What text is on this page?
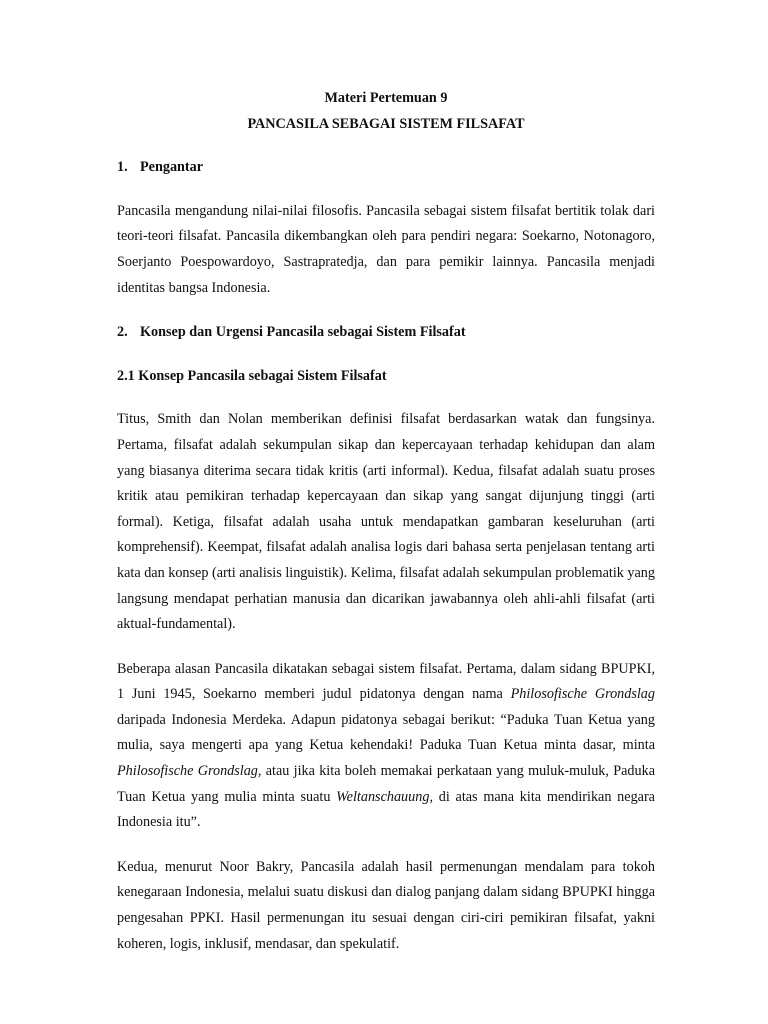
Materi Pertemuan 9

PANCASILA SEBAGAI SISTEM FILSAFAT

1. Pengantar

Pancasila mengandung nilai-nilai filosofis. Pancasila sebagai sistem filsafat bertitik tolak dari teori-teori filsafat. Pancasila dikembangkan oleh para pendiri negara: Soekarno, Notonagoro, Soerjanto Poespowardoyo, Sastrapratedja, dan para pemikir lainnya. Pancasila menjadi identitas bangsa Indonesia.

2. Konsep dan Urgensi Pancasila sebagai Sistem Filsafat

2.1 Konsep Pancasila sebagai Sistem Filsafat

Titus, Smith dan Nolan memberikan definisi filsafat berdasarkan watak dan fungsinya. Pertama, filsafat adalah sekumpulan sikap dan kepercayaan terhadap kehidupan dan alam yang biasanya diterima secara tidak kritis (arti informal). Kedua, filsafat adalah suatu proses kritik atau pemikiran terhadap kepercayaan dan sikap yang sangat dijunjung tinggi (arti formal). Ketiga, filsafat adalah usaha untuk mendapatkan gambaran keseluruhan (arti komprehensif). Keempat, filsafat adalah analisa logis dari bahasa serta penjelasan tentang arti kata dan konsep (arti analisis linguistik). Kelima, filsafat adalah sekumpulan problematik yang langsung mendapat perhatian manusia dan dicarikan jawabannya oleh ahli-ahli filsafat (arti aktual-fundamental).

Beberapa alasan Pancasila dikatakan sebagai sistem filsafat. Pertama, dalam sidang BPUPKI, 1 Juni 1945, Soekarno memberi judul pidatonya dengan nama Philosofische Grondslag daripada Indonesia Merdeka. Adapun pidatonya sebagai berikut: “Paduka Tuan Ketua yang mulia, saya mengerti apa yang Ketua kehendaki! Paduka Tuan Ketua minta dasar, minta Philosofische Grondslag, atau jika kita boleh memakai perkataan yang muluk-muluk, Paduka Tuan Ketua yang mulia minta suatu Weltanschauung, di atas mana kita mendirikan negara Indonesia itu”.

Kedua, menurut Noor Bakry, Pancasila adalah hasil permenungan mendalam para tokoh kenegaraan Indonesia, melalui suatu diskusi dan dialog panjang dalam sidang BPUPKI hingga pengesahan PPKI. Hasil permenungan itu sesuai dengan ciri-ciri pemikiran filsafat, yakni koheren, logis, inklusif, mendasar, dan spekulatif.
